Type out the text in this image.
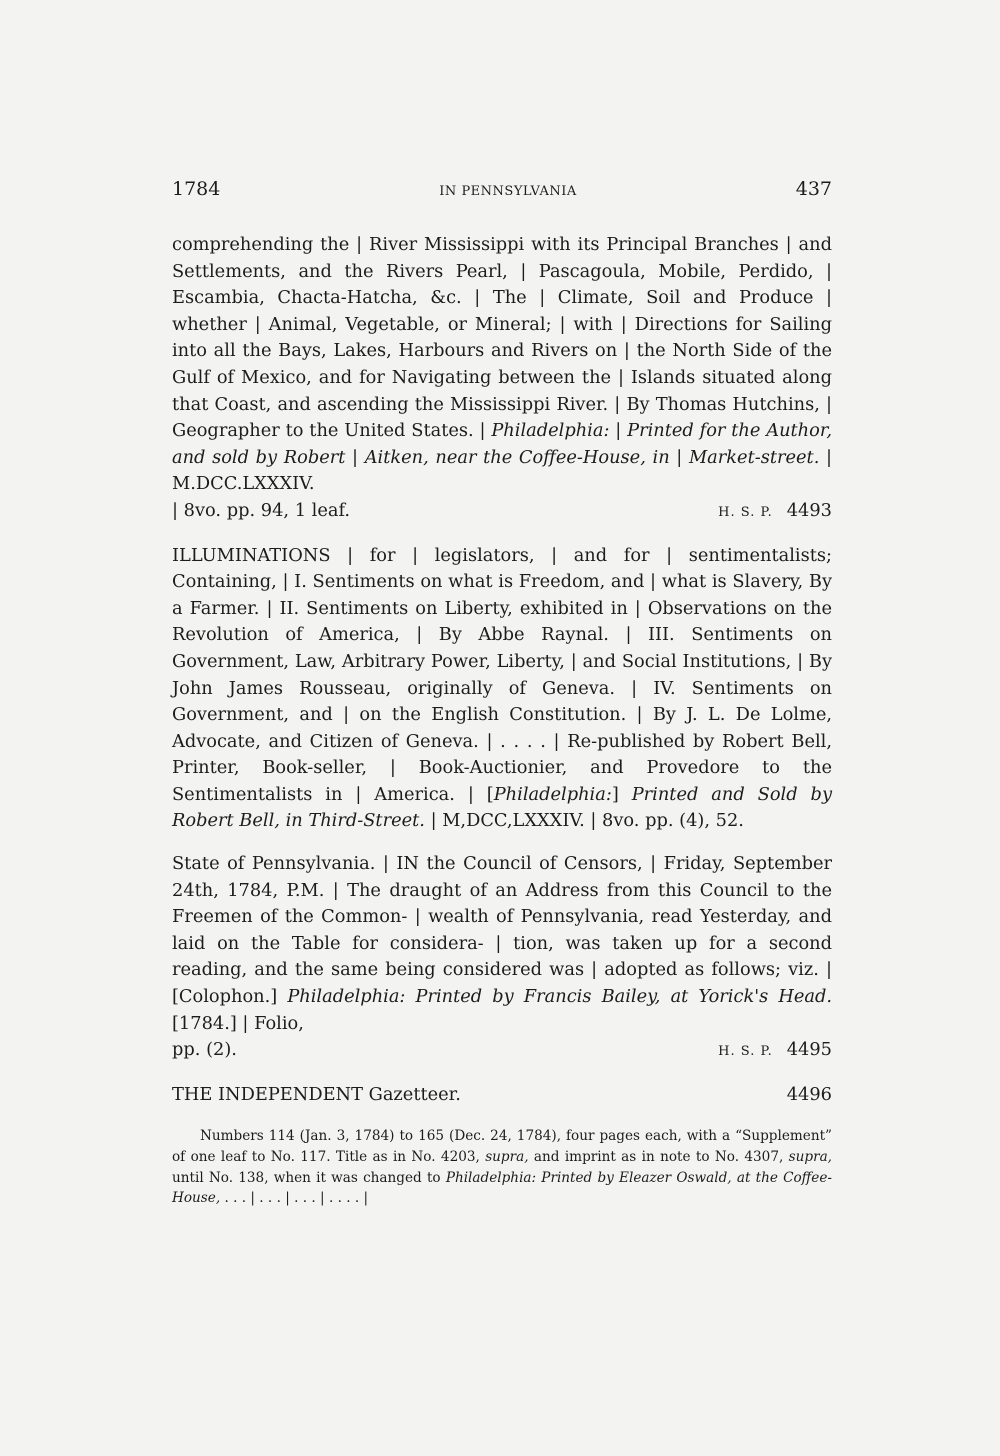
1784	IN PENNSYLVANIA	437

comprehending the | River Mississippi with its Principal Branches | and Settlements, and the Rivers Pearl, | Pascagoula, Mobile, Perdido, | Escambia, Chacta-Hatcha, &c. | The | Climate, Soil and Produce | whether | Animal, Vegetable, or Mineral; | with | Directions for Sailing into all the Bays, Lakes, Harbours and Rivers on | the North Side of the Gulf of Mexico, and for Navigating between the | Islands situated along that Coast, and ascending the Mississippi River. | By Thomas Hutchins, | Geographer to the United States. | Philadelphia: | Printed for the Author, and sold by Robert | Aitken, near the Coffee-House, in | Market-street. | M.DCC.LXXXIV.

| 8vo. pp. 94, 1 leaf.	H. S. P. 4493

ILLUMINATIONS | for | legislators, | and for | sentimentalists; Containing, | I. Sentiments on what is Freedom, and | what is Slavery, By a Farmer. | II. Sentiments on Liberty, exhibited in | Observations on the Revolution of America, | By Abbe Raynal. | III. Sentiments on Government, Law, Arbitrary Power, Liberty, | and Social Institutions, | By John James Rousseau, originally of Geneva. | IV. Sentiments on Government, and | on the English Constitution. | By J. L. De Lolme, Advocate, and Citizen of Geneva. | . . . . | Re-published by Robert Bell, Printer, Book-seller, | Book-Auctionier, and Provedore to the Sentimentalists in | America. | [Philadelphia:] Printed and Sold by Robert Bell, in Third-Street. | M,DCC,LXXXIV. | 8vo. pp. (4), 52.

State of Pennsylvania. | IN the Council of Censors, | Friday, September 24th, 1784, P.M. | The draught of an Address from this Council to the Freemen of the Common- | wealth of Pennsylvania, read Yesterday, and laid on the Table for considera- | tion, was taken up for a second reading, and the same being considered was | adopted as follows; viz. | [Colophon.] Philadelphia: Printed by Francis Bailey, at Yorick's Head. [1784.] | Folio,

pp. (2).	H. S. P. 4495
THE INDEPENDENT Gazetteer.	4496

Numbers 114 (Jan. 3, 1784) to 165 (Dec. 24, 1784), four pages each, with a “Supplement” of one leaf to No. 117. Title as in No. 4203, supra, and imprint as in note to No. 4307, supra, until No. 138, when it was changed to Philadelphia: Printed by Eleazer Oswald, at the Coffee-House, . . . | . . . | . . . | . . . . |
